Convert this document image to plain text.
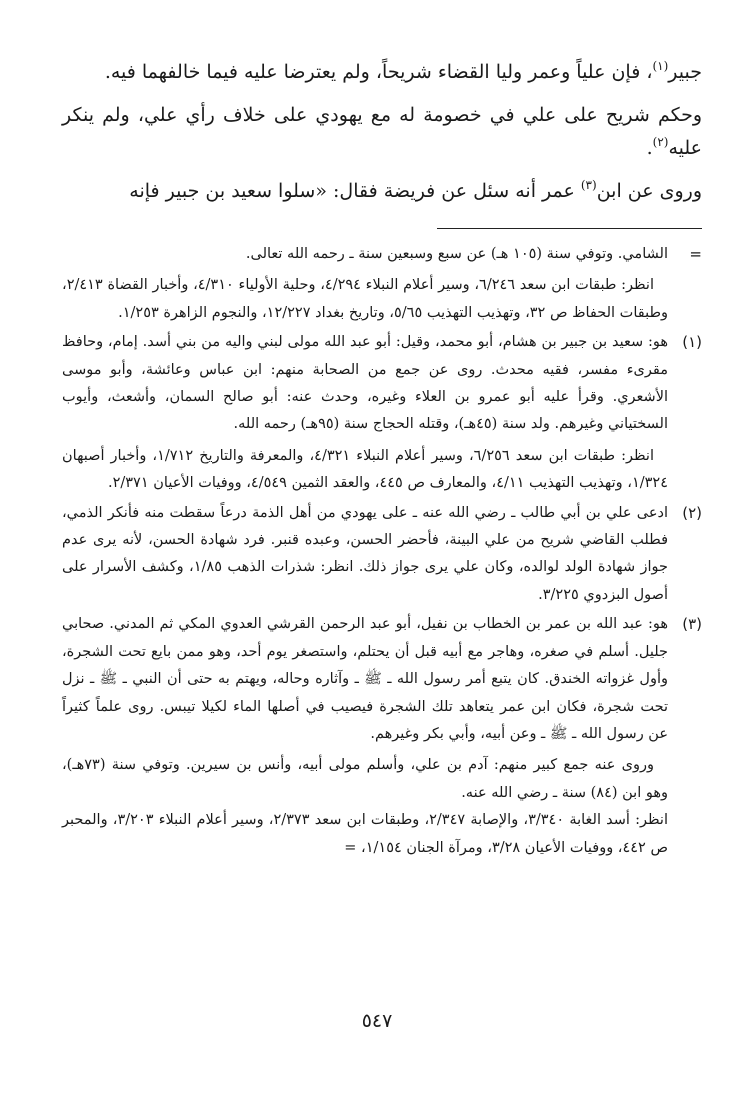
جبير$^{(١)}$، فإن علياً وعمر وليا القضاء شريحاً، ولم يعترضا عليه فيما خالفهما فيه.

وحكم شريح على علي في خصومة له مع يهودي على خلاف رأي علي، ولم ينكر عليه$^{(٢)}$.

وروى عن ابن$^{(٣)}$ عمر أنه سئل عن فريضة فقال: «سلوا سعيد بن جبير فإنه

=

الشامي. وتوفي سنة (١٠٥ هـ) عن سبع وسبعين سنة ـ رحمه الله تعالى.

انظر: طبقات ابن سعد ٦/٢٤٦، وسير أعلام النبلاء ٤/٢٩٤، وحلية الأولياء ٤/٣١٠، وأخبار القضاة ٢/٤١٣، وطبقات الحفاظ ص ٣٢، وتهذيب التهذيب ٥/٦٥، وتاريخ بغداد ١٢/٢٢٧، والنجوم الزاهرة ١/٢٥٣.

(١)

هو: سعيد بن جبير بن هشام، أبو محمد، وقيل: أبو عبد الله مولى لبني واليه من بني أسد. إمام، وحافظ مقرىء مفسر، فقيه محدث. روى عن جمع من الصحابة منهم: ابن عباس وعائشة، وأبو موسى الأشعري. وقرأ عليه أبو عمرو بن العلاء وغيره، وحدث عنه: أبو صالح السمان، وأشعث، وأيوب السختياني وغيرهم. ولد سنة (٤٥هـ)، وقتله الحجاج سنة (٩٥هـ) رحمه الله.

انظر: طبقات ابن سعد ٦/٢٥٦، وسير أعلام النبلاء ٤/٣٢١، والمعرفة والتاريخ ١/٧١٢، وأخبار أصبهان ١/٣٢٤، وتهذيب التهذيب ٤/١١، والمعارف ص ٤٤٥، والعقد الثمين ٤/٥٤٩، ووفيات الأعيان ٢/٣٧١.

(٢)

ادعى علي بن أبي طالب ـ رضي الله عنه ـ على يهودي من أهل الذمة درعاً سقطت منه فأنكر الذمي، فطلب القاضي شريح من علي البينة، فأحضر الحسن، وعبده قنبر. فرد شهادة الحسن، لأنه يرى عدم جواز شهادة الولد لوالده، وكان علي يرى جواز ذلك. انظر: شذرات الذهب ١/٨٥، وكشف الأسرار على أصول البزدوي ٣/٢٢٥.

(٣)

هو: عبد الله بن عمر بن الخطاب بن نفيل، أبو عبد الرحمن القرشي العدوي المكي ثم المدني. صحابي جليل. أسلم في صغره، وهاجر مع أبيه قبل أن يحتلم، واستصغر يوم أحد، وهو ممن بايع تحت الشجرة، وأول غزواته الخندق. كان يتبع أمر رسول الله ـ ﷺ ـ وآثاره وحاله، ويهتم به حتى أن النبي ـ ﷺ ـ نزل تحت شجرة، فكان ابن عمر يتعاهد تلك الشجرة فيصيب في أصلها الماء لكيلا تيبس. روى علماً كثيراً عن رسول الله ـ ﷺ ـ وعن أبيه، وأبي بكر وغيرهم.

وروى عنه جمع كبير منهم: آدم بن علي، وأسلم مولى أبيه، وأنس بن سيرين. وتوفي سنة (٧٣هـ)، وهو ابن (٨٤) سنة ـ رضي الله عنه.

انظر: أسد الغابة ٣/٣٤٠، والإصابة ٢/٣٤٧، وطبقات ابن سعد ٢/٣٧٣، وسير أعلام النبلاء ٣/٢٠٣، والمحبر ص ٤٤٢، ووفيات الأعيان ٣/٢٨، ومرآة الجنان ١/١٥٤، =

٥٤٧
